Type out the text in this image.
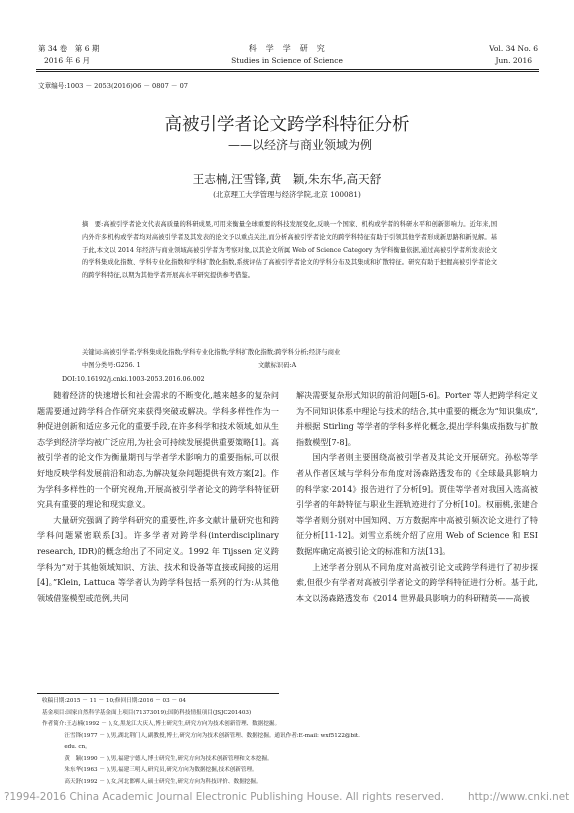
第 34 卷　第 6 期
2016 年 6 月
科　学　学　研　究
Studies in Science of Science
Vol. 34 No. 6
Jun. 2016
文章编号:1003 － 2053(2016)06 － 0807 － 07
高被引学者论文跨学科特征分析
——以经济与商业领域为例
王志楠,汪雪锋,黄　颖,朱东华,高天舒
(北京理工大学管理与经济学院,北京 100081)
摘　要:高被引学者论文代表高质量的科研成果,可用来衡量全球重要的科技发展变化,反映一个国家、机构或学者的科研水平和创新影响力。近年来,国内外许多机构或学者均对高被引学者及其发表的论文予以重点关注,而分析高被引学者论文的跨学科特征有助于引领其他学者形成新思路和新见解。基于此,本文以 2014 年经济与商业领域高被引学者为考察对象,以其论文所属 Web of Science Category 为学科衡量依据,通过高被引学者所发表论文的学科集成化指数、学科专业化指数和学科扩散化指数,系统评估了高被引学者论文的学科分布及其集成和扩散特征。研究有助于把握高被引学者论文的跨学科特征,以期为其他学者开展高水平研究提供参考借鉴。
关键词:高被引学者;学科集成化指数;学科专业化指数;学科扩散化指数;跨学科分析;经济与商业
中图分类号:G256. 1	文献标识码:A
DOI:10.16192/j.cnki.1003-2053.2016.06.002

随着经济的快速增长和社会需求的不断变化,越来越多的复杂问题需要通过跨学科合作研究来获得突破或解决。学科多样性作为一种促进创新和适应多元化的重要手段,在许多科学和技术领域,如从生态学到经济学均被广泛应用,为社会可持续发展提供重要策略[1]。高被引学者的论文作为衡量期刊与学者学术影响力的重要指标,可以很好地反映学科发展前沿和动态,为解决复杂问题提供有效方案[2]。作为学科多样性的一个研究视角,开展高被引学者论文的跨学科特征研究具有重要的理论和现实意义。

大量研究强调了跨学科研究的重要性,许多文献计量研究也和跨学科问题紧密联系[3]。许多学者对跨学科(interdisciplinary research, IDR)的概念给出了不同定义。1992 年 Tijssen 定义跨学科为“对于其他领域知识、方法、技术和设备等直接或间接的运用[4]。”Klein, Lattuca 等学者认为跨学科包括一系列的行为:从其他领域借鉴模型或范例,共同

解决需要复杂形式知识的前沿问题[5-6]。Porter 等人把跨学科定义为不同知识体系中理论与技术的结合,其中重要的概念为“知识集成”,并根据 Stirling 等学者的学科多样化概念,提出学科集成指数与扩散指数模型[7-8]。

国内学者则主要围绕高被引学者及其论文开展研究。孙松等学者从作者区域与学科分布角度对汤森路透发布的《全球最具影响力的科学家·2014》报告进行了分析[9]。贾佳等学者对我国入选高被引学者的年龄特征与职业生涯轨迹进行了分析[10]。权丽桃,张建合等学者则分别对中国知网、万方数据库中高被引频次论文进行了特征分析[11-12]。刘雪立系统介绍了应用 Web of Science 和 ESI 数据库确定高被引论文的标准和方法[13]。

上述学者分别从不同角度对高被引论文或跨学科进行了初步探索,但很少有学者对高被引学者论文的跨学科特征进行分析。基于此,本文以汤森路透发布《2014 世界最具影响力的科研精英——高被

收稿日期:2015 － 11 － 10;修回日期:2016 － 03 － 04
基金项目:国家自然科学基金面上项目(71373019);国防科技情报项目(JSJC201403)
作者简介:王志楠(1992 － ),女,黑龙江大庆人,博士研究生,研究方向为技术创新管理、数据挖掘。
　　　　汪雪锋(1977 － ),男,湖北荆门人,副教授,博士,研究方向为技术创新管理、数据挖掘。通讯作者:E-mail: wxf5122@bit.
　　　　edu. cn。
　　　　黄　颖(1990 － ),男,福建宁德人,博士研究生,研究方向为技术创新管理和文本挖掘。
　　　　朱东华(1963 － ),男,福建三明人,研究员,研究方向为数据挖掘,技术创新管理。
　　　　高天舒(1992 － ),女,河北邯郸人,硕士研究生,研究方向为科技评价、数据挖掘。
?1994-2016 China Academic Journal Electronic Publishing House. All rights reserved. http://www.cnki.net
